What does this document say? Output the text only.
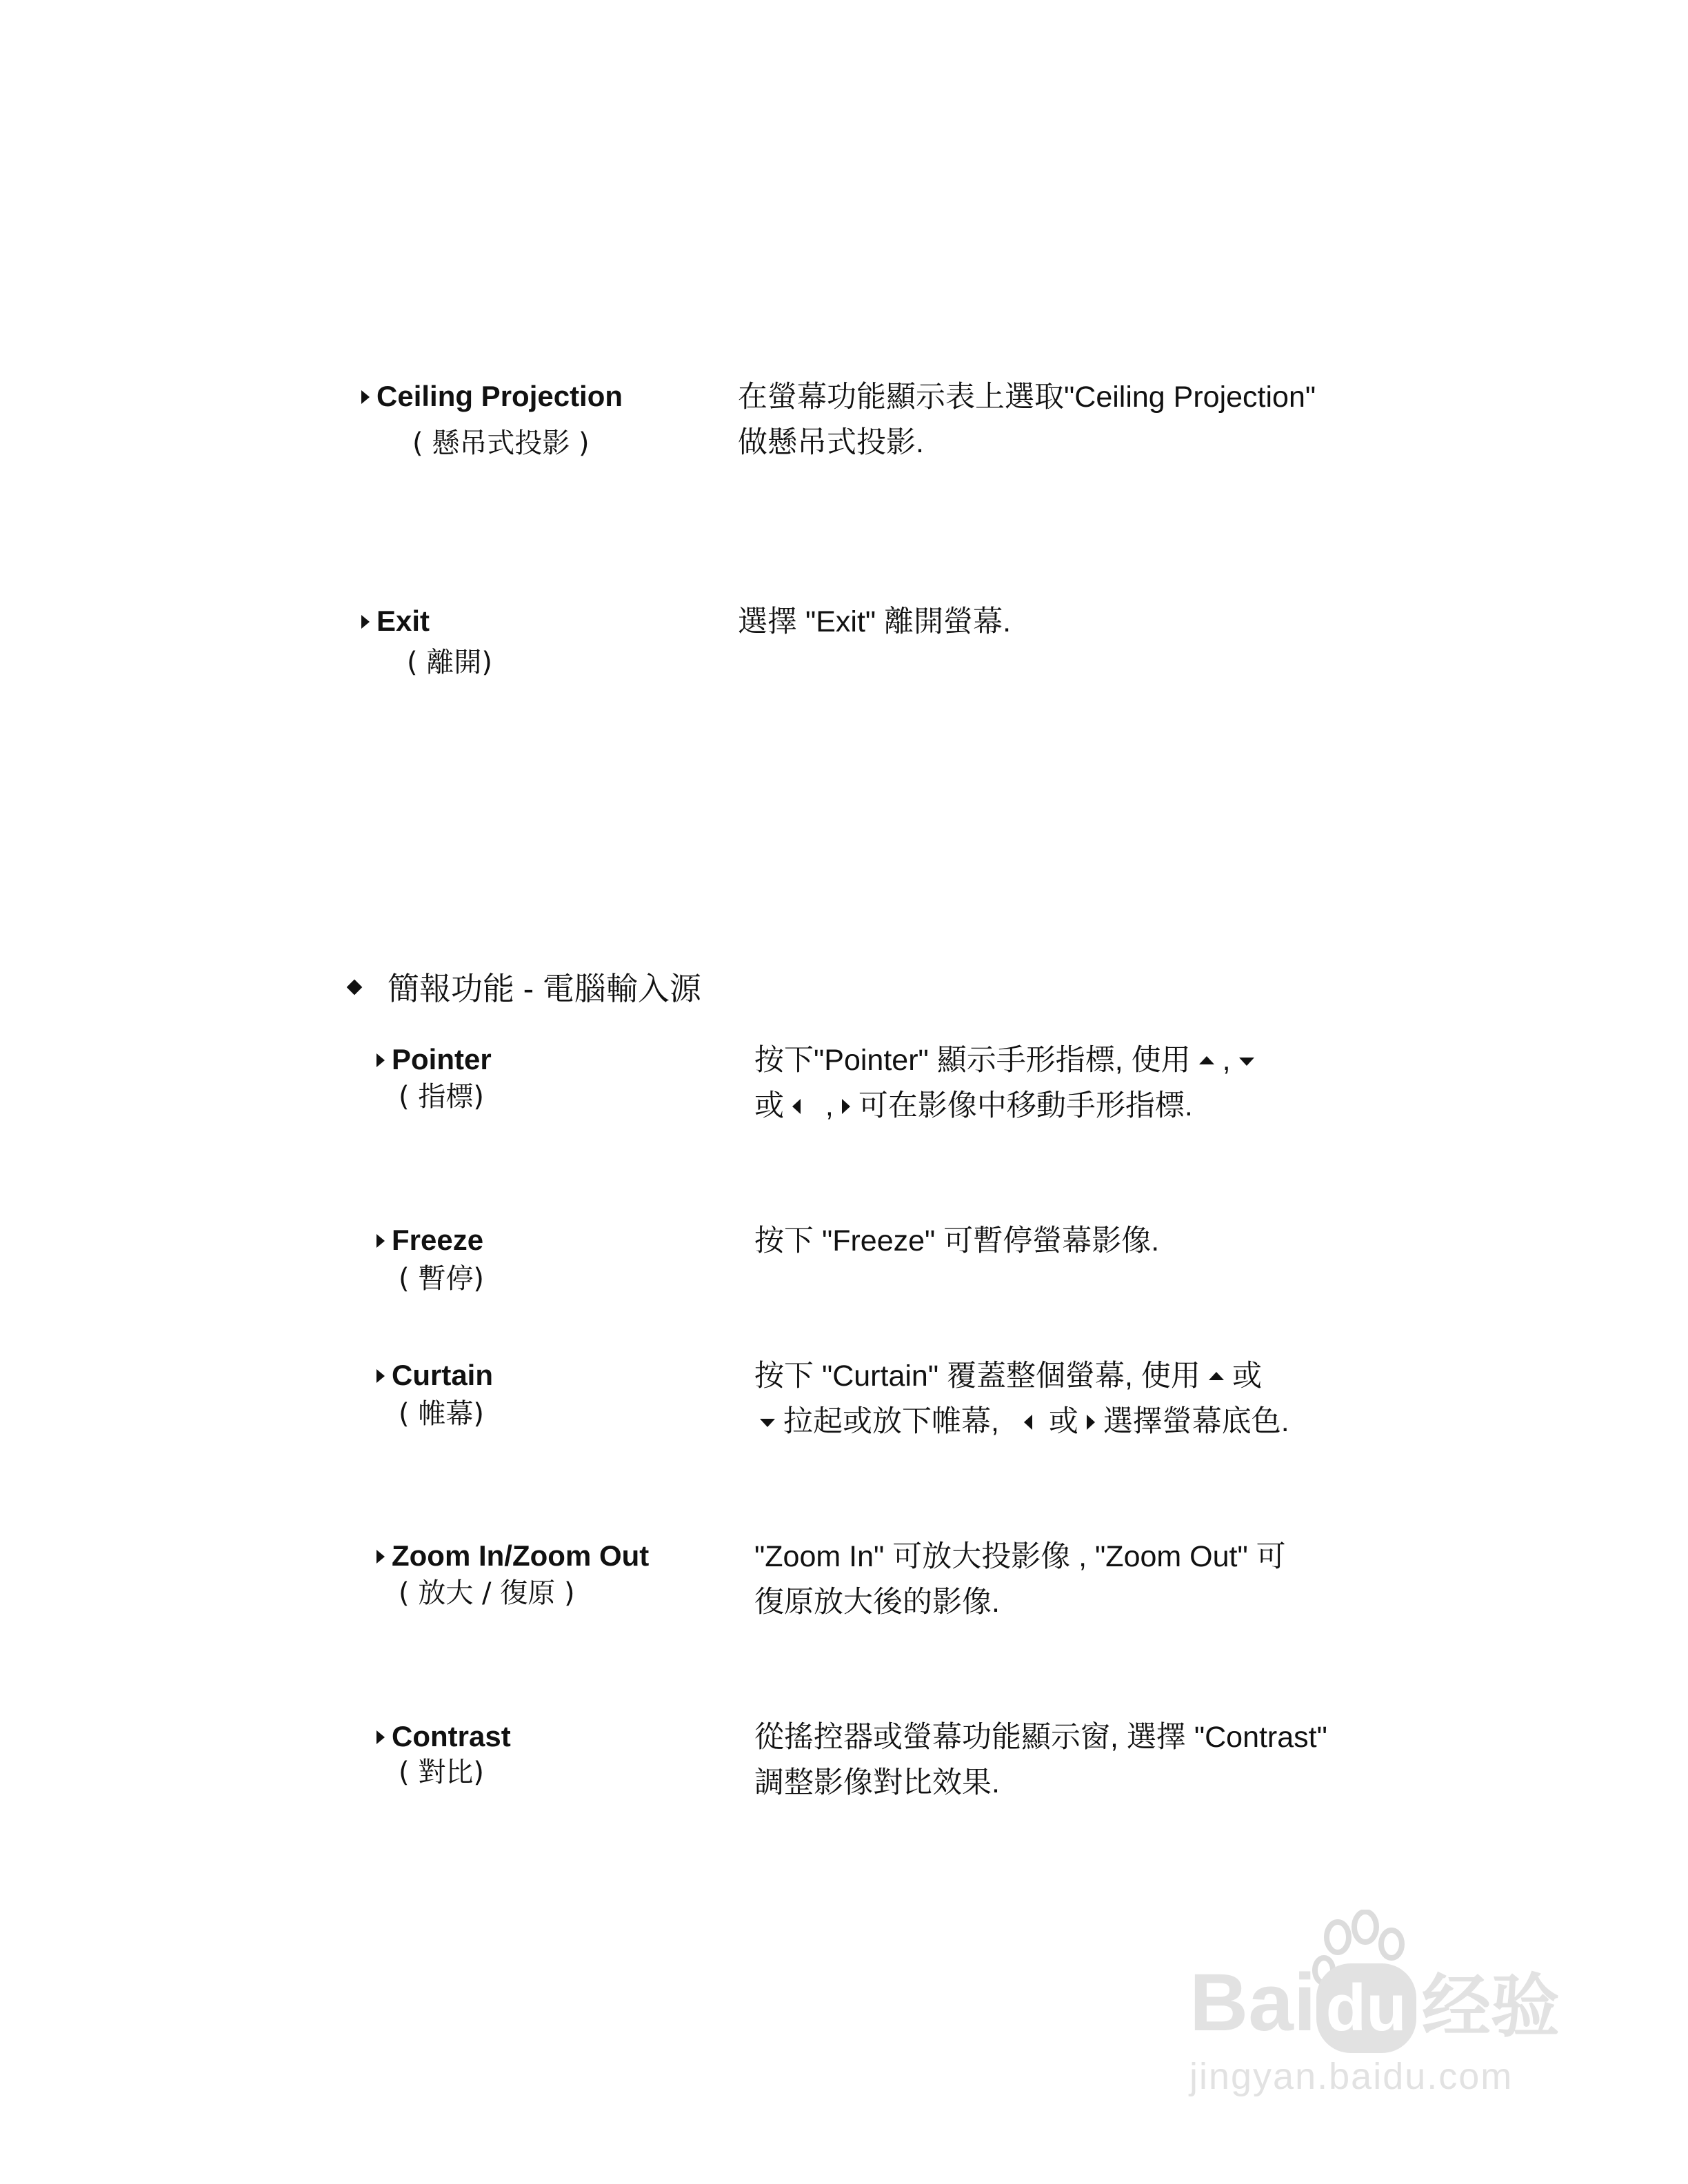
Ceiling Projection
( 懸吊式投影 )
在螢幕功能顯示表上選取"Ceiling Projection"
做懸吊式投影.
Exit
( 離開)
選擇 "Exit" 離開螢幕.
簡報功能 - 電腦輸入源
Pointer
( 指標)
按下"Pointer" 顯示手形指標, 使用 ,
或 , 可在影像中移動手形指標.
Freeze
( 暫停)
按下 "Freeze" 可暫停螢幕影像.
Curtain
( 帷幕)
按下 "Curtain" 覆蓋整個螢幕, 使用 或
拉起或放下帷幕, 或 選擇螢幕底色.
Zoom In/Zoom Out
( 放大 / 復原 )
"Zoom In" 可放大投影像 , "Zoom Out" 可
復原放大後的影像.
Contrast
( 對比)
從搖控器或螢幕功能顯示窗, 選擇 "Contrast"
調整影像對比效果.
Bai du 经验
jingyan.baidu.com
